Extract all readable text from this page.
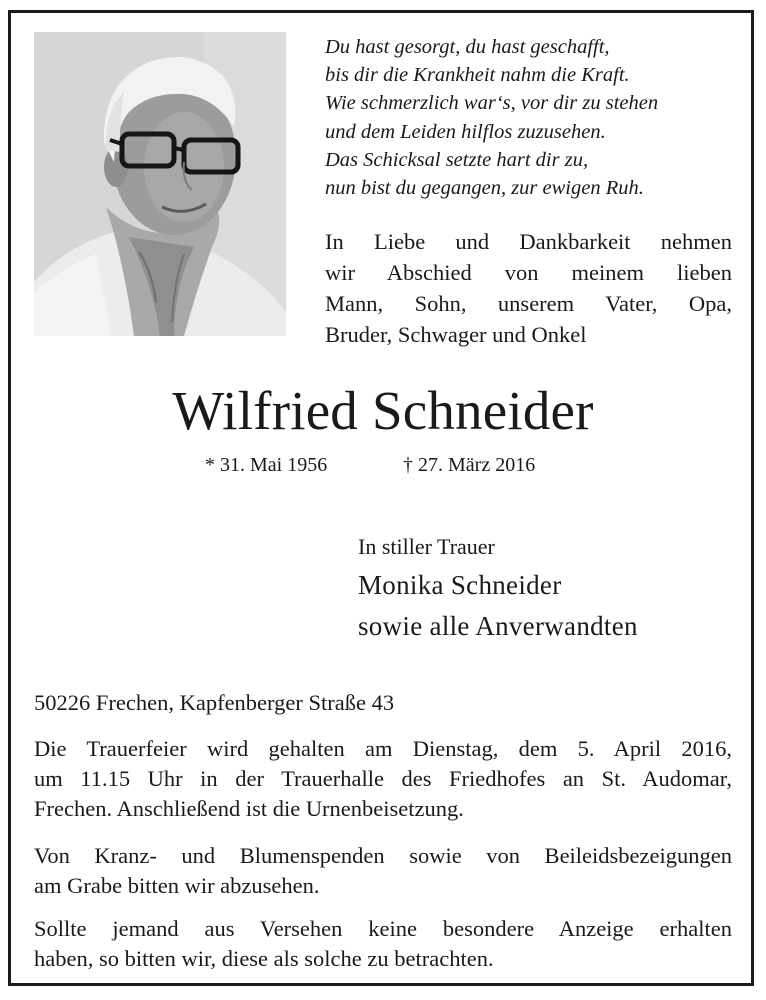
Du hast gesorgt, du hast geschafft,
bis dir die Krankheit nahm die Kraft.
Wie schmerzlich war‘s, vor dir zu stehen
und dem Leiden hilflos zuzusehen.
Das Schicksal setzte hart dir zu,
nun bist du gegangen, zur ewigen Ruh.
In Liebe und Dankbarkeit nehmen
wir Abschied von meinem lieben
Mann, Sohn, unserem Vater, Opa,
Bruder, Schwager und Onkel
Wilfried Schneider
* 31. Mai 1956	† 27. März 2016
In stiller Trauer
Monika Schneider
sowie alle Anverwandten
50226 Frechen, Kapfenberger Straße 43
Die Trauerfeier wird gehalten am Dienstag, dem 5. April 2016,
um 11.15 Uhr in der Trauerhalle des Friedhofes an St. Audomar,
Frechen. Anschließend ist die Urnenbeisetzung.
Von Kranz- und Blumenspenden sowie von Beileidsbezeigungen
am Grabe bitten wir abzusehen.
Sollte jemand aus Versehen keine besondere Anzeige erhalten
haben, so bitten wir, diese als solche zu betrachten.
